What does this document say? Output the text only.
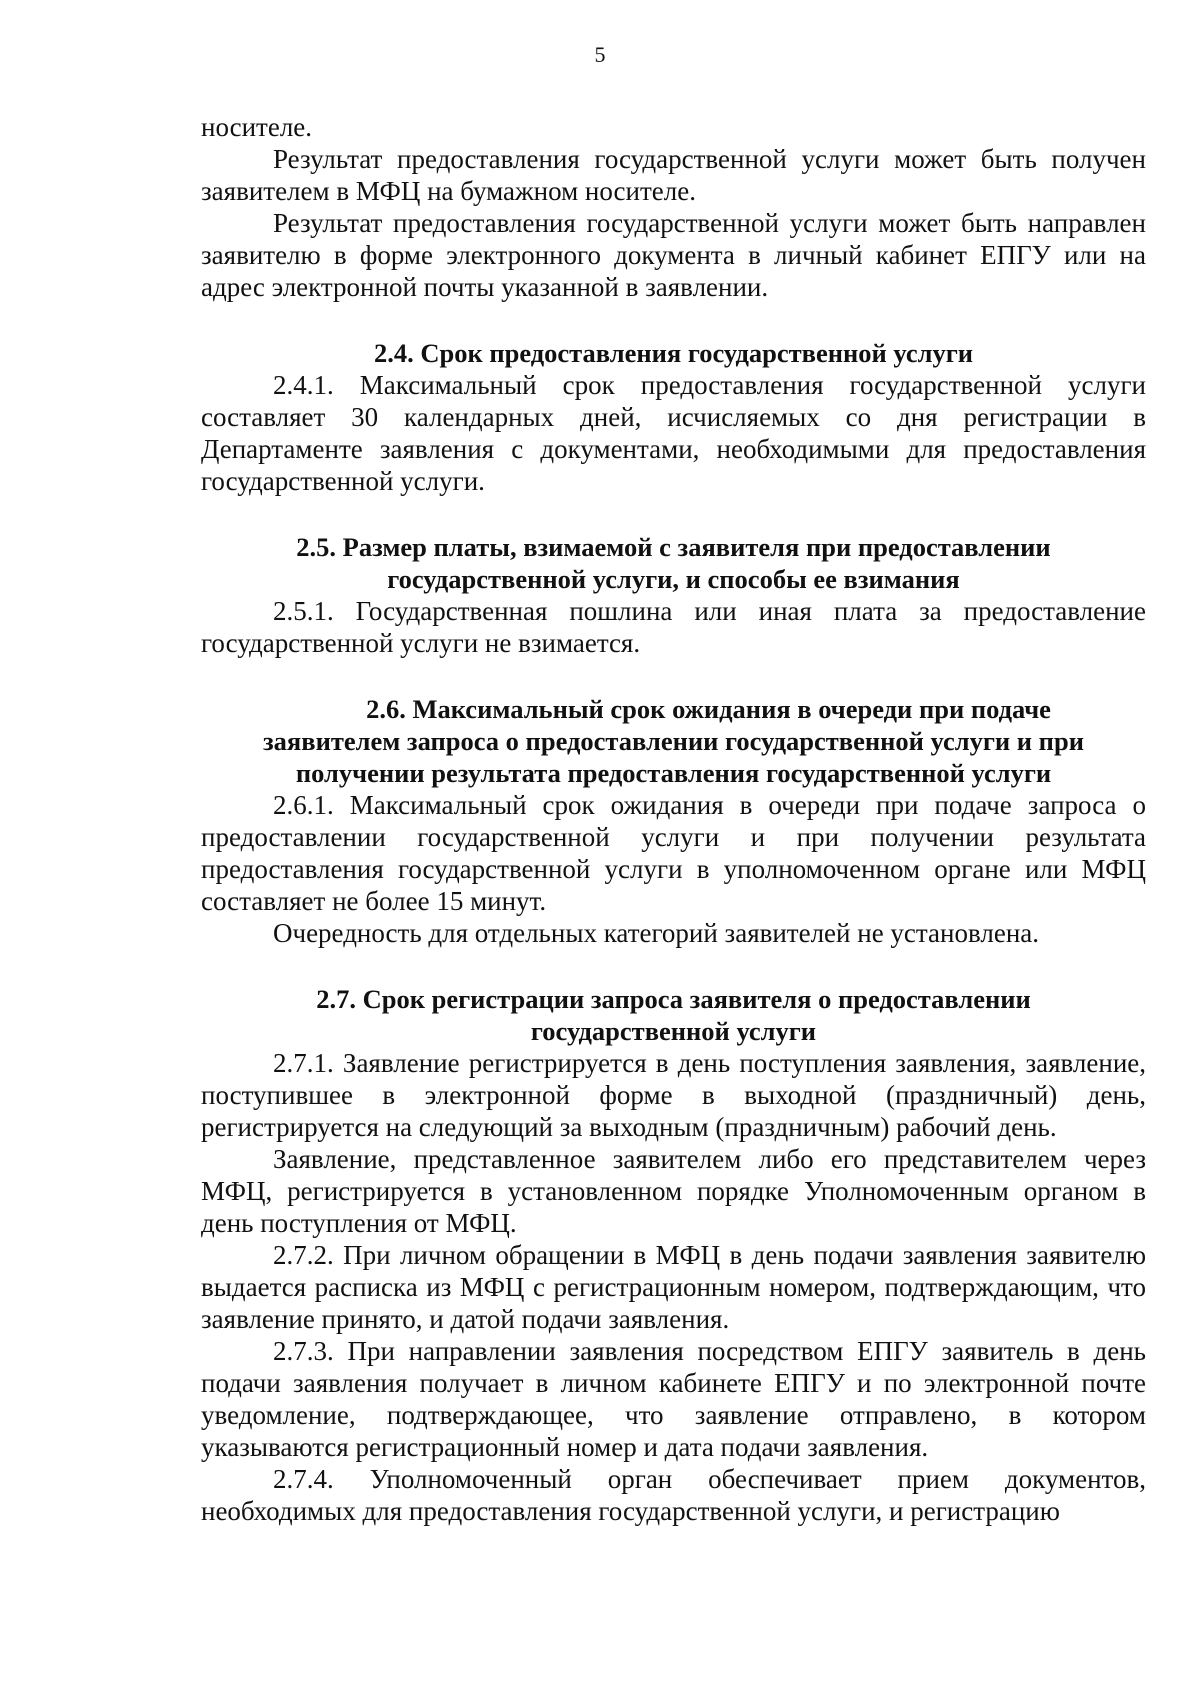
5

носителе.

Результат предоставления государственной услуги может быть получен заявителем в МФЦ на бумажном носителе.

Результат предоставления государственной услуги может быть направлен заявителю в форме электронного документа в личный кабинет ЕПГУ или на адрес электронной почты указанной в заявлении.

2.4. Срок предоставления государственной услуги

2.4.1. Максимальный срок предоставления государственной услуги составляет 30 календарных дней, исчисляемых со дня регистрации в Департаменте заявления с документами, необходимыми для предоставления государственной услуги.

2.5. Размер платы, взимаемой с заявителя при предоставлении
государственной услуги, и способы ее взимания

2.5.1. Государственная пошлина или иная плата за предоставление государственной услуги не взимается.

2.6. Максимальный срок ожидания в очереди при подаче
заявителем запроса о предоставлении государственной услуги и при
получении результата предоставления государственной услуги

2.6.1. Максимальный срок ожидания в очереди при подаче запроса о предоставлении государственной услуги и при получении результата предоставления государственной услуги в уполномоченном органе или МФЦ составляет не более 15 минут.

Очередность для отдельных категорий заявителей не установлена.

2.7. Срок регистрации запроса заявителя о предоставлении
государственной услуги

2.7.1. Заявление регистрируется в день поступления заявления, заявление, поступившее в электронной форме в выходной (праздничный) день, регистрируется на следующий за выходным (праздничным) рабочий день.

Заявление, представленное заявителем либо его представителем через МФЦ, регистрируется в установленном порядке Уполномоченным органом в день поступления от МФЦ.

2.7.2. При личном обращении в МФЦ в день подачи заявления заявителю выдается расписка из МФЦ с регистрационным номером, подтверждающим, что заявление принято, и датой подачи заявления.

2.7.3. При направлении заявления посредством ЕПГУ заявитель в день подачи заявления получает в личном кабинете ЕПГУ и по электронной почте уведомление, подтверждающее, что заявление отправлено, в котором указываются регистрационный номер и дата подачи заявления.

2.7.4. Уполномоченный орган обеспечивает прием документов, необходимых для предоставления государственной услуги, и регистрацию
